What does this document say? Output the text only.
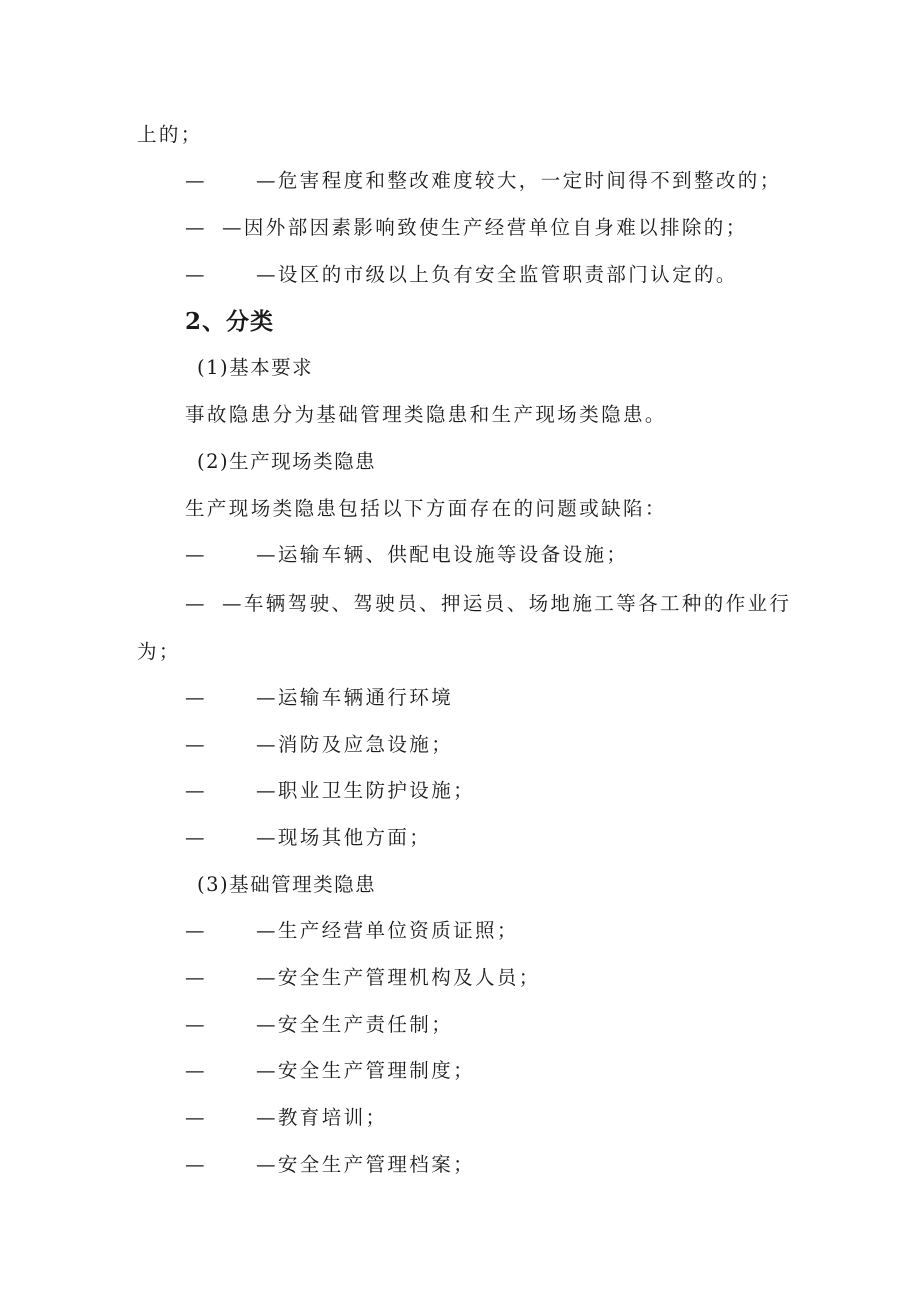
上的；
—	—危害程度和整改难度较大，一定时间得不到整改的；
— —因外部因素影响致使生产经营单位自身难以排除的；
—	—设区的市级以上负有安全监管职责部门认定的。
2、分类
(1)基本要求
事故隐患分为基础管理类隐患和生产现场类隐患。
(2)生产现场类隐患
生产现场类隐患包括以下方面存在的问题或缺陷：
—	—运输车辆、供配电设施等设备设施；
— —车辆驾驶、驾驶员、押运员、场地施工等各工种的作业行
为；
—	—运输车辆通行环境
—	—消防及应急设施；
—	—职业卫生防护设施；
—	—现场其他方面；
(3)基础管理类隐患
—	—生产经营单位资质证照；
—	—安全生产管理机构及人员；
—	—安全生产责任制；
—	—安全生产管理制度；
—	—教育培训；
—	—安全生产管理档案；
